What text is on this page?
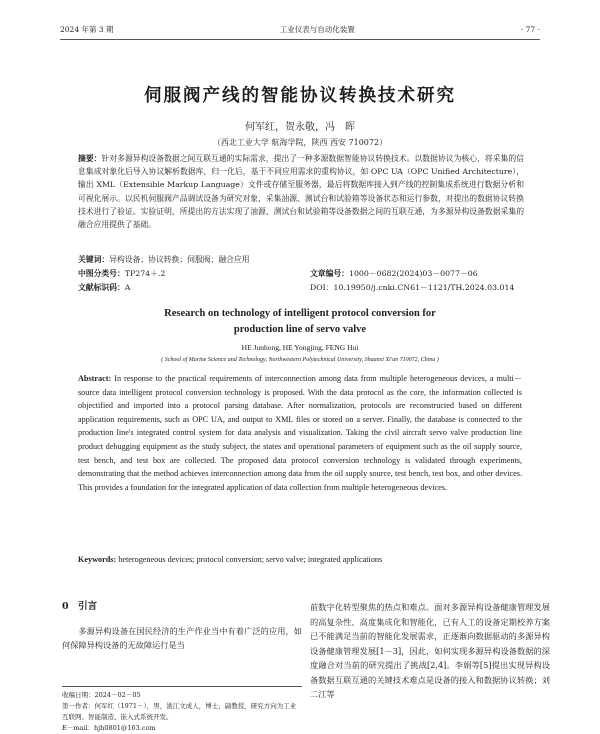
2024 年第 3 期	工业仪表与自动化装置	· 77 ·
伺服阀产线的智能协议转换技术研究
何军红，贺永敬，冯　晖
（西北工业大学 航海学院，陕西 西安 710072）
摘要：针对多源异构设备数据之间互联互通的实际需求，提出了一种多源数据智能协议转换技术。以数据协议为核心，将采集的信息集成对象化后导入协议解析数据库，归一化后，基于不同应用需求的重构协议，如 OPC UA（OPC Unified Architecture），输出 XML（Extensible Markup Language）文件或存储至服务器，最后将数据库接入到产线的控制集成系统进行数据分析和可视化展示。以民机伺服阀产品调试设备为研究对象，采集油源、测试台和试验箱等设备状态和运行参数，对提出的数据协议转换技术进行了验证。实验证明，所提出的方法实现了油源、测试台和试验箱等设备数据之间的互联互通，为多源异构设备数据采集的融合应用提供了基础。
关键词：异构设备；协议转换；伺服阀；融合应用
中图分类号：TP274＋.2	文章编号：1000－0682(2024)03－0077－06
文献标识码：A	DOI：10.19950/j.cnki.CN61－1121/TH.2024.03.014
Research on technology of intelligent protocol conversion for
production line of servo valve
HE Junhong, HE Yongjing, FENG Hui
( School of Marine Science and Technology, Northwestern Polytechnical University, Shaanxi Xi'an 710072, China )
Abstract: In response to the practical requirements of interconnection among data from multiple heterogeneous devices, a multi－source data intelligent protocol conversion technology is proposed. With the data protocol as the core, the information collected is objectified and imported into a protocol parsing database. After normalization, protocols are reconstructed based on different application requirements, such as OPC UA, and output to XML files or stored on a server. Finally, the database is connected to the production line's integrated control system for data analysis and visualization. Taking the civil aircraft servo valve production line product debugging equipment as the study subject, the states and operational parameters of equipment such as the oil supply source, test bench, and test box are collected. The proposed data protocol conversion technology is validated through experiments, demonstrating that the method achieves interconnection among data from the oil supply source, test bench, test box, and other devices. This provides a foundation for the integrated application of data collection from multiple heterogeneous devices.
Keywords: heterogeneous devices; protocol conversion; servo valve; integrated applications
0　引言
多源异构设备在国民经济的生产作业当中有着广泛的应用，如何保障异构设备的无故障运行是当
前数字化转型聚焦的热点和难点。面对多源异构设备健康管理发展的高复杂性、高度集成化和智能化，已有人工的设备定期校养方案已不能满足当前的智能化发展需求，正逐渐向数据驱动的多源异构设备健康管理发展[1－3]，因此，如何实现多源异构设备数据的深度融合对当前的研究提出了挑战[2,4]。李娟等[5]提出实现异构设备数据互联互通的关键技术难点是设备的接入和数据协议转换；刘二江等
收稿日期：2024－02－05
第一作者：何军红（1971－），男，浙江文成人，博士，副教授，研究方向为工业互联网、智能制造、嵌入式系统开发。
E－mail：hjh0801@163.com
